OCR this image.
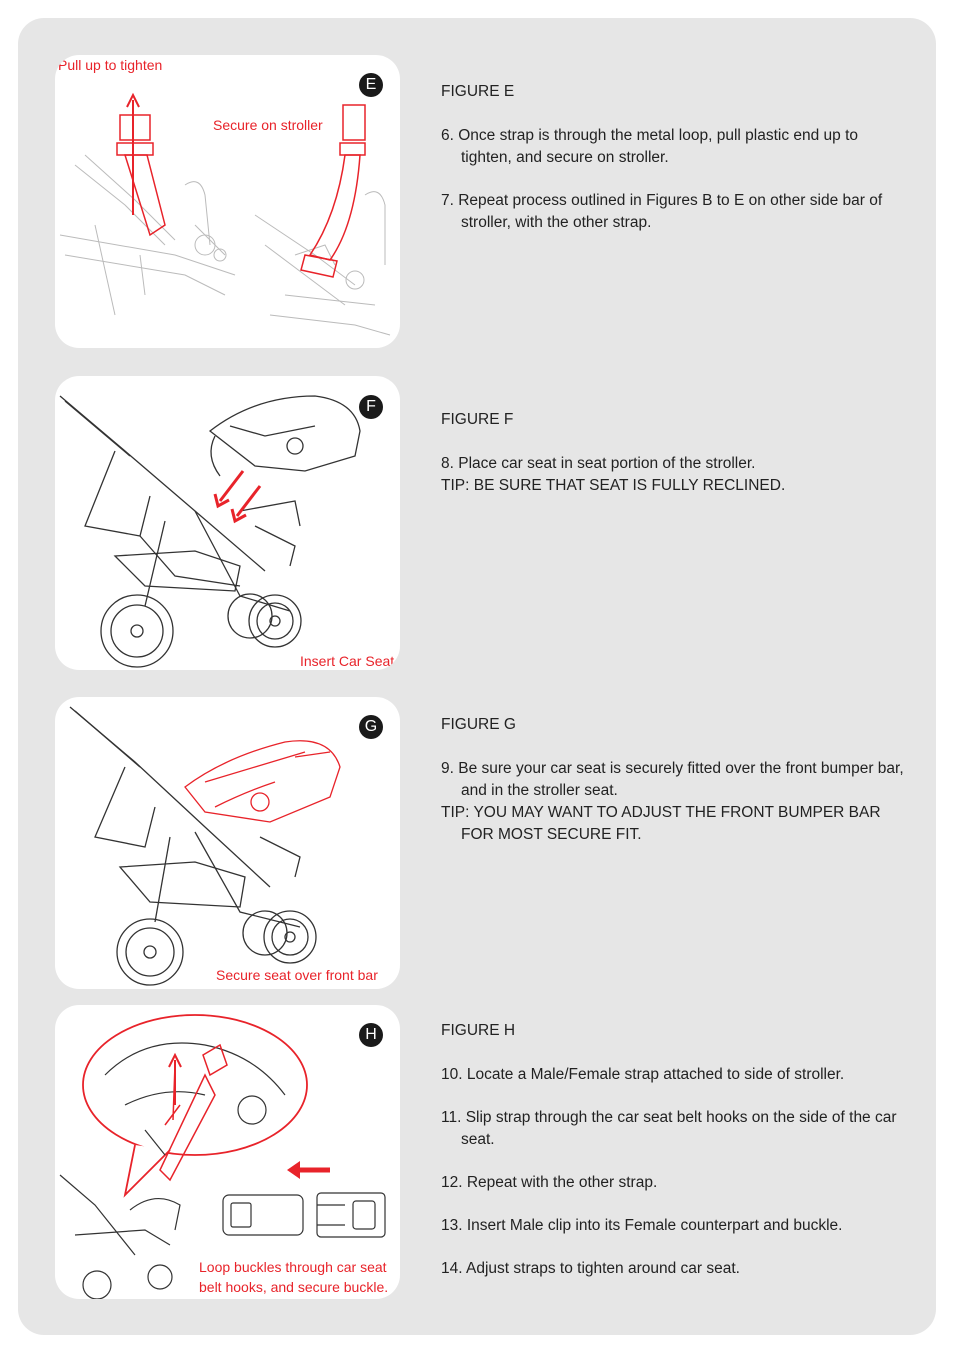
Pull up to tighten
Secure on stroller
E	FIGURE E

6. Once strap is through the metal loop, pull plastic end up to tighten, and secure on stroller.

7. Repeat process outlined in Figures B to E on other side bar of stroller, with the other strap.

Insert Car Seat
F
FIGURE F

8. Place car seat in seat portion of the stroller.

TIP: BE SURE THAT SEAT IS FULLY RECLINED.

Secure seat over front bar
G	FIGURE G

9. Be sure your car seat is securely fitted over the front bumper bar, and in the stroller seat.

TIP: YOU MAY WANT TO ADJUST THE FRONT BUMPER BAR FOR MOST SECURE FIT.

Loop buckles through car seat
belt hooks, and secure buckle.
H	FIGURE H

10. Locate a Male/Female strap attached to side of stroller.

11. Slip strap through the car seat belt hooks on the side of the car seat.

12. Repeat with the other strap.

13. Insert Male clip into its Female counterpart and buckle.

14. Adjust straps to tighten around car seat.
